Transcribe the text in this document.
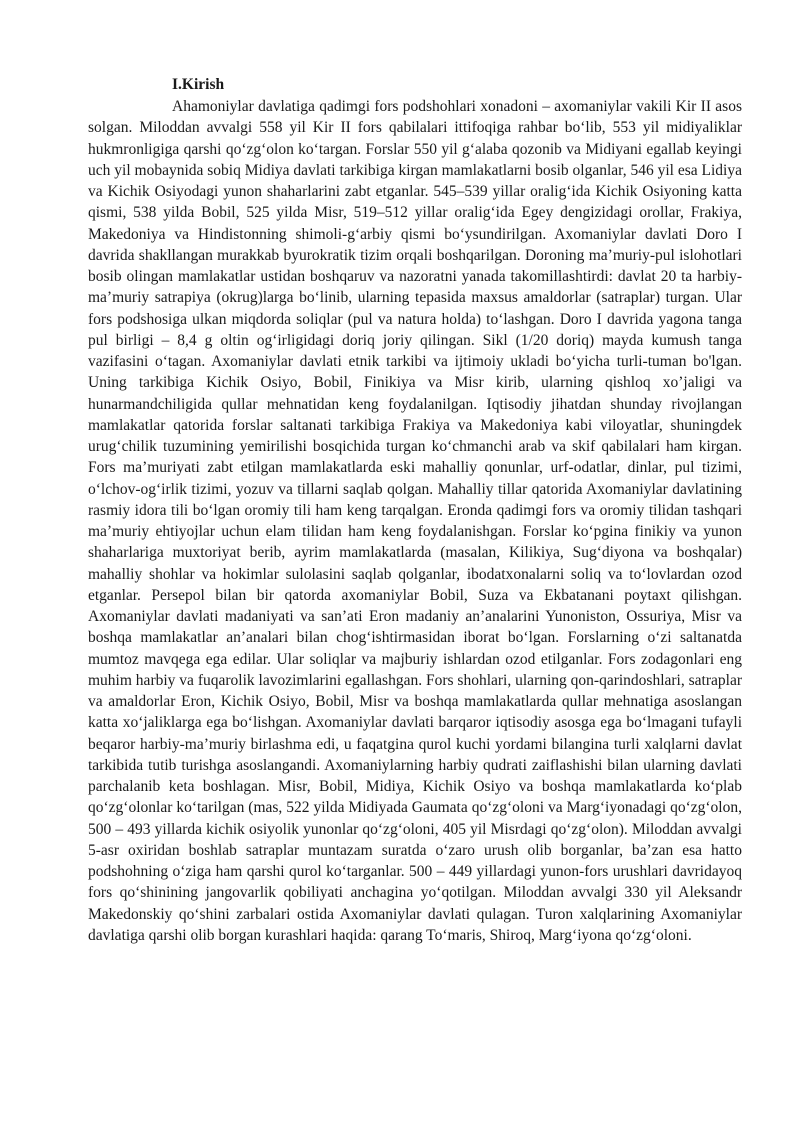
I.Kirish

Ahamoniylar davlatiga qadimgi fors podshohlari xonadoni – axomaniylar vakili Kir II asos solgan. Miloddan avvalgi 558 yil Kir II fors qabilalari ittifoqiga rahbar boʻlib, 553 yil midiyaliklar hukmronligiga qarshi qoʻzgʻolon koʻtargan. Forslar 550 yil gʻalaba qozonib va Midiyani egallab keyingi uch yil mobaynida sobiq Midiya davlati tarkibiga kirgan mamlakatlarni bosib olganlar, 546 yil esa Lidiya va Kichik Osiyodagi yunon shaharlarini zabt etganlar. 545–539 yillar oraligʻida Kichik Osiyoning katta qismi, 538 yilda Bobil, 525 yilda Misr, 519–512 yillar oraligʻida Egey dengizidagi orollar, Frakiya, Makedoniya va Hindistonning shimoli-gʻarbiy qismi boʻysundirilgan. Axomaniylar davlati Doro I davrida shakllangan murakkab byurokratik tizim orqali boshqarilgan. Doroning maʼmuriy-pul islohotlari bosib olingan mamlakatlar ustidan boshqaruv va nazoratni yanada takomillashtirdi: davlat 20 ta harbiy-maʼmuriy satrapiya (okrug)larga boʻlinib, ularning tepasida maxsus amaldorlar (satraplar) turgan. Ular fors podshosiga ulkan miqdorda soliqlar (pul va natura holda) toʻlashgan. Doro I davrida yagona tanga pul birligi – 8,4 g oltin ogʻirligidagi doriq joriy qilingan. Sikl (1/20 doriq) mayda kumush tanga vazifasini oʻtagan. Axomaniylar davlati etnik tarkibi va ijtimoiy ukladi boʻyicha turli-tuman bo'lgan. Uning tarkibiga Kichik Osiyo, Bobil, Finikiya va Misr kirib, ularning qishloq xoʼjaligi va hunarmandchiligida qullar mehnatidan keng foydalanilgan. Iqtisodiy jihatdan shunday rivojlangan mamlakatlar qatorida forslar saltanati tarkibiga Frakiya va Makedoniya kabi viloyatlar, shuningdek urugʻchilik tuzumining yemirilishi bosqichida turgan koʻchmanchi arab va skif qabilalari ham kirgan. Fors maʼmuriyati zabt etilgan mamlakatlarda eski mahalliy qonunlar, urf-odatlar, dinlar, pul tizimi, oʻlchov-ogʻirlik tizimi, yozuv va tillarni saqlab qolgan. Mahalliy tillar qatorida Axomaniylar davlatining rasmiy idora tili boʻlgan oromiy tili ham keng tarqalgan. Eronda qadimgi fors va oromiy tilidan tashqari maʼmuriy ehtiyojlar uchun elam tilidan ham keng foydalanishgan. Forslar koʻpgina finikiy va yunon shaharlariga muxtoriyat berib, ayrim mamlakatlarda (masalan, Kilikiya, Sugʻdiyona va boshqalar) mahalliy shohlar va hokimlar sulolasini saqlab qolganlar, ibodatxonalarni soliq va toʻlovlardan ozod etganlar. Persepol bilan bir qatorda axomaniylar Bobil, Suza va Ekbatanani poytaxt qilishgan. Axomaniylar davlati madaniyati va sanʼati Eron madaniy anʼanalarini Yunoniston, Ossuriya, Misr va boshqa mamlakatlar anʼanalari bilan chogʻishtirmasidan iborat boʻlgan. Forslarning oʻzi saltanatda mumtoz mavqega ega edilar. Ular soliqlar va majburiy ishlardan ozod etilganlar. Fors zodagonlari eng muhim harbiy va fuqarolik lavozimlarini egallashgan. Fors shohlari, ularning qon-qarindoshlari, satraplar va amaldorlar Eron, Kichik Osiyo, Bobil, Misr va boshqa mamlakatlarda qullar mehnatiga asoslangan katta xoʻjaliklarga ega boʻlishgan. Axomaniylar davlati barqaror iqtisodiy asosga ega boʻlmagani tufayli beqaror harbiy-maʼmuriy birlashma edi, u faqatgina qurol kuchi yordami bilangina turli xalqlarni davlat tarkibida tutib turishga asoslangandi. Axomaniylarning harbiy qudrati zaiflashishi bilan ularning davlati parchalanib keta boshlagan. Misr, Bobil, Midiya, Kichik Osiyo va boshqa mamlakatlarda koʻplab qoʻzgʻolonlar koʻtarilgan (mas, 522 yilda Midiyada Gaumata qoʻzgʻoloni va Margʻiyonadagi qoʻzgʻolon, 500 – 493 yillarda kichik osiyolik yunonlar qoʻzgʻoloni, 405 yil Misrdagi qoʻzgʻolon). Miloddan avvalgi 5-asr oxiridan boshlab satraplar muntazam suratda oʻzaro urush olib borganlar, baʼzan esa hatto podshohning oʻziga ham qarshi qurol koʻtarganlar. 500 – 449 yillardagi yunon-fors urushlari davridayoq fors qoʻshinining jangovarlik qobiliyati anchagina yoʻqotilgan. Miloddan avvalgi 330 yil Aleksandr Makedonskiy qoʻshini zarbalari ostida Axomaniylar davlati qulagan. Turon xalqlarining Axomaniylar davlatiga qarshi olib borgan kurashlari haqida: qarang Toʻmaris, Shiroq, Margʻiyona qoʻzgʻoloni.
